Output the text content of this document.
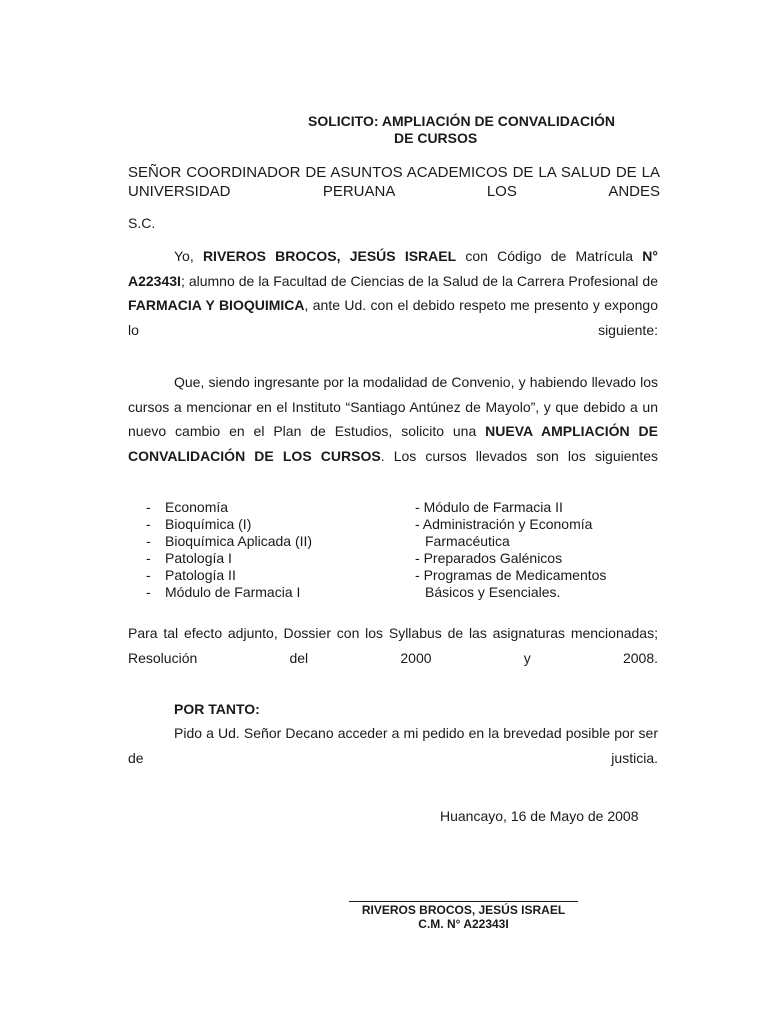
SOLICITO: AMPLIACIÓN DE CONVALIDACIÓN
DE CURSOS
SEÑOR COORDINADOR DE ASUNTOS ACADEMICOS DE LA SALUD DE LA UNIVERSIDAD PERUANA LOS ANDES
S.C.
Yo, RIVEROS BROCOS, JESÚS ISRAEL con Código de Matrícula N° A22343I; alumno de la Facultad de Ciencias de la Salud de la Carrera Profesional de FARMACIA Y BIOQUIMICA, ante Ud. con el debido respeto me presento y expongo lo siguiente:
Que, siendo ingresante por la modalidad de Convenio, y habiendo llevado los cursos a mencionar en el Instituto “Santiago Antúnez de Mayolo”, y que debido a un nuevo cambio en el Plan de Estudios, solicito una NUEVA AMPLIACIÓN DE CONVALIDACIÓN DE LOS CURSOS. Los cursos llevados son los siguientes
- Economía
- Bioquímica (I)
- Bioquímica Aplicada (II)
- Patología I
- Patología II
- Módulo de Farmacia I
- Módulo de Farmacia II
- Administración y Economía
Farmacéutica
- Preparados Galénicos
- Programas de Medicamentos
Básicos y Esenciales.
Para tal efecto adjunto, Dossier con los Syllabus de las asignaturas mencionadas; Resolución del 2000 y 2008.
POR TANTO:
Pido a Ud. Señor Decano acceder a mi pedido en la brevedad posible por ser de justicia.
Huancayo, 16 de Mayo de 2008
RIVEROS BROCOS, JESÚS ISRAEL
C.M. N° A22343I
